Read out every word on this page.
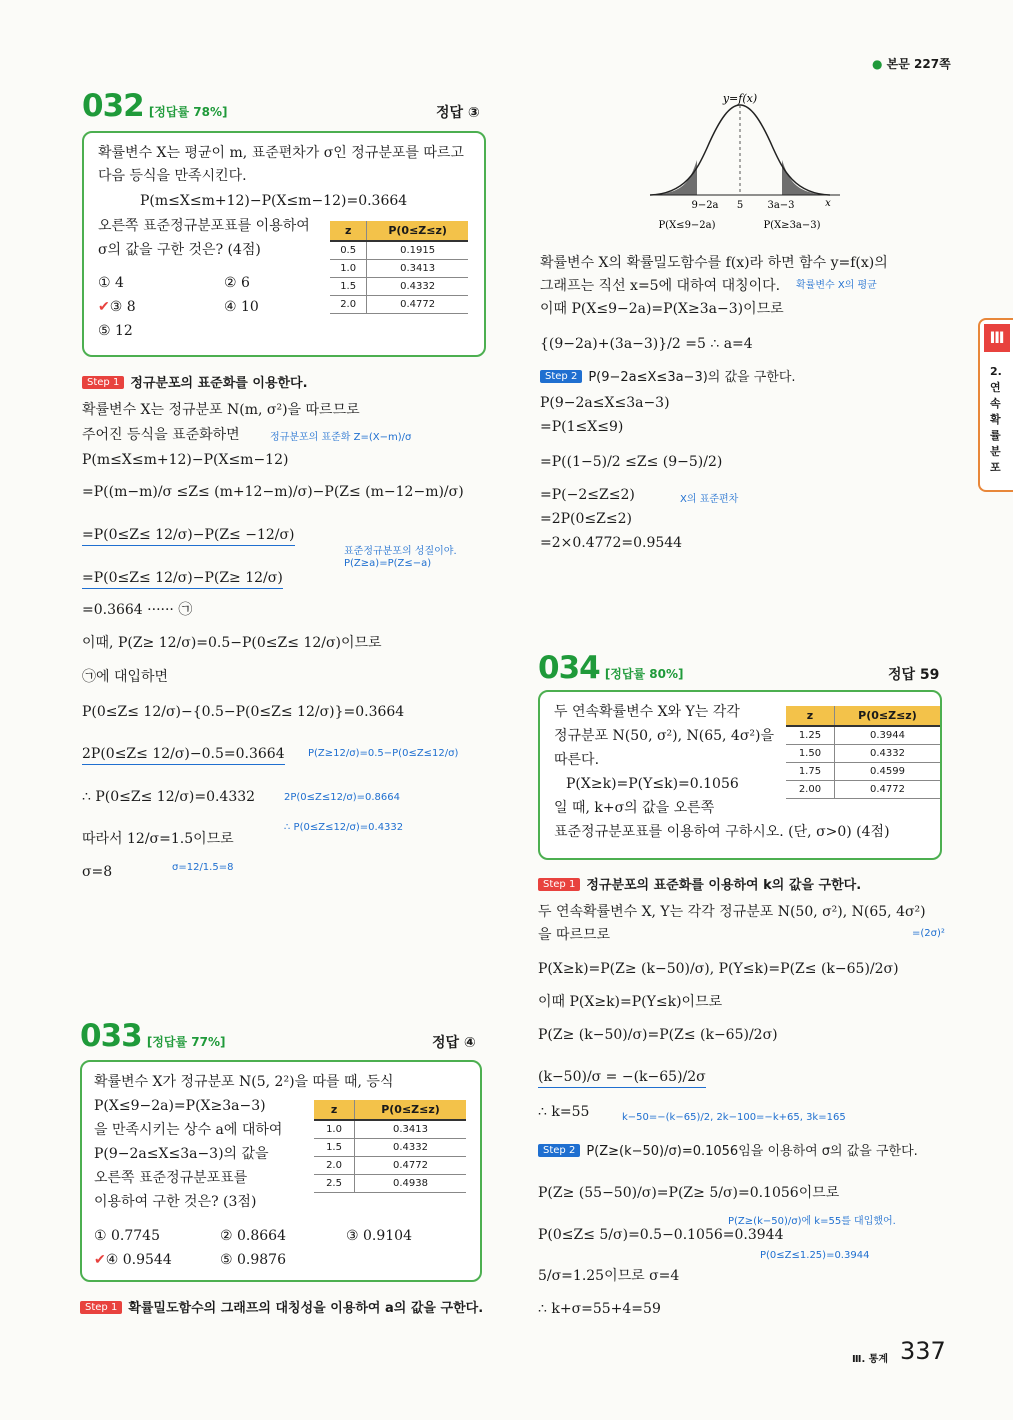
● 본문 227쪽
032 [정답률 78%]	정답 ③
확률변수 X는 평균이 m, 표준편차가 σ인 정규분포를 따르고
다음 등식을 만족시킨다.
P(m≤X≤m+12)−P(X≤m−12)=0.3664
오른쪽 표준정규분포표를 이용하여
σ의 값을 구한 것은? (4점)
① 4	② 6
✔③ 8	④ 10
⑤ 12
z	P(0≤Z≤z)
0.5	0.1915
1.0	0.3413
1.5	0.4332
2.0	0.4772
Step 1 정규분포의 표준화를 이용한다.
확률변수 X는 정규분포 N(m, σ²)을 따르므로
주어진 등식을 표준화하면	정규분포의 표준화 Z=(X−m)/σ
P(m≤X≤m+12)−P(X≤m−12)
=P((m−m)/σ ≤Z≤ (m+12−m)/σ)−P(Z≤ (m−12−m)/σ)
=P(0≤Z≤ 12/σ)−P(Z≤ −12/σ)
=P(0≤Z≤ 12/σ)−P(Z≥ 12/σ)
표준정규분포의 성질이야.
P(Z≥a)=P(Z≤−a)
=0.3664 ······ ㉠
이때, P(Z≥ 12/σ)=0.5−P(0≤Z≤ 12/σ)이므로
㉠에 대입하면
P(0≤Z≤ 12/σ)−{0.5−P(0≤Z≤ 12/σ)}=0.3664
2P(0≤Z≤ 12/σ)−0.5=0.3664 P(Z≥12/σ)=0.5−P(0≤Z≤12/σ)
∴ P(0≤Z≤ 12/σ)=0.4332	2P(0≤Z≤12/σ)=0.8664
∴ P(0≤Z≤12/σ)=0.4332
따라서 12/σ=1.5이므로
σ=8	σ=12/1.5=8
033 [정답률 77%]	정답 ④
확률변수 X가 정규분포 N(5, 2²)을 따를 때, 등식
P(X≤9−2a)=P(X≥3a−3)
을 만족시키는 상수 a에 대하여
P(9−2a≤X≤3a−3)의 값을
오른쪽 표준정규분포표를
이용하여 구한 것은? (3점)
① 0.7745	② 0.8664	③ 0.9104
✔④ 0.9544	⑤ 0.9876
z	P(0≤Z≤z)
1.0	0.3413
1.5	0.4332
2.0	0.4772
2.5	0.4938
Step 1 확률밀도함수의 그래프의 대칭성을 이용하여 a의 값을 구한다.
y=f(x)
9−2a 5 3a−3	x
P(X≤9−2a)	P(X≥3a−3)
확률변수 X의 확률밀도함수를 f(x)라 하면 함수 y=f(x)의
그래프는 직선 x=5에 대하여 대칭이다. 확률변수 X의 평균
이때 P(X≤9−2a)=P(X≥3a−3)이므로
{(9−2a)+(3a−3)}/2 =5 ∴ a=4
Step 2 P(9−2a≤X≤3a−3)의 값을 구한다.
P(9−2a≤X≤3a−3)
=P(1≤X≤9)
=P((1−5)/2 ≤Z≤ (9−5)/2)
=P(−2≤Z≤2)	X의 표준편차
=2P(0≤Z≤2)
=2×0.4772=0.9544
034 [정답률 80%]	정답 59
두 연속확률변수 X와 Y는 각각
정규분포 N(50, σ²), N(65, 4σ²)을
따른다.
P(X≥k)=P(Y≤k)=0.1056
일 때, k+σ의 값을 오른쪽
표준정규분포표를 이용하여 구하시오. (단, σ>0) (4점)
z	P(0≤Z≤z)
1.25	0.3944
1.50	0.4332
1.75	0.4599
2.00	0.4772
Step 1 정규분포의 표준화를 이용하여 k의 값을 구한다.
두 연속확률변수 X, Y는 각각 정규분포 N(50, σ²), N(65, 4σ²)
=(2σ)²
을 따르므로
P(X≥k)=P(Z≥ (k−50)/σ), P(Y≤k)=P(Z≤ (k−65)/2σ)
이때 P(X≥k)=P(Y≤k)이므로
P(Z≥ (k−50)/σ)=P(Z≤ (k−65)/2σ)
(k−50)/σ = −(k−65)/2σ
∴ k=55	k−50=−(k−65)/2, 2k−100=−k+65, 3k=165
Step 2 P(Z≥(k−50)/σ)=0.1056임을 이용하여 σ의 값을 구한다.
P(Z≥ (55−50)/σ)=P(Z≥ 5/σ)=0.1056이므로
P(Z≥(k−50)/σ)에 k=55를 대입했어.
P(0≤Z≤ 5/σ)=0.5−0.1056=0.3944
P(0≤Z≤1.25)=0.3944
5/σ=1.25이므로 σ=4
∴ k+σ=55+4=59
Ⅲ
2. 연속확률분포
Ⅲ. 통계 337
